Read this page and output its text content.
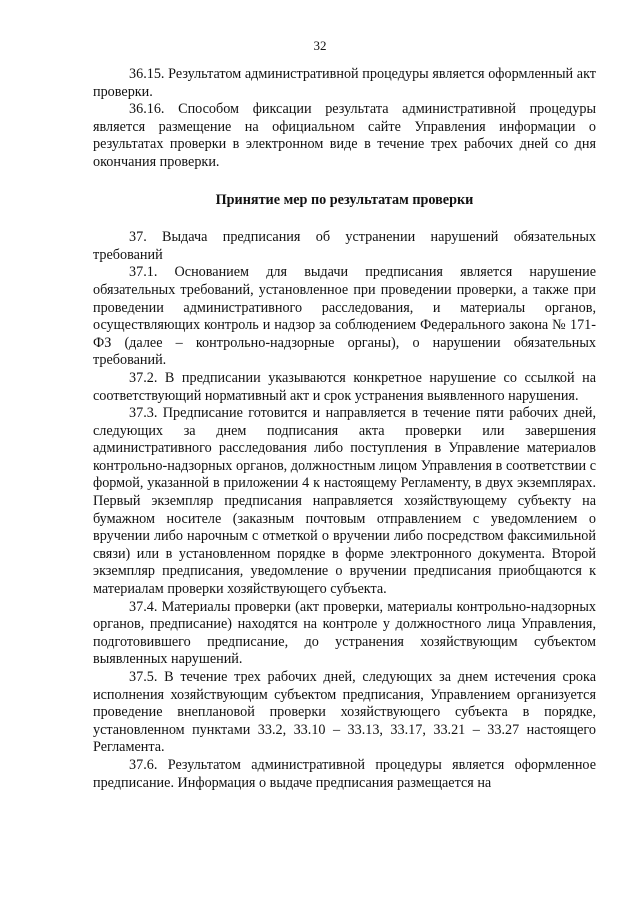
32

36.15. Результатом административной процедуры является оформленный акт проверки.

36.16. Способом фиксации результата административной процедуры является размещение на официальном сайте Управления информации о результатах проверки в электронном виде в течение трех рабочих дней со дня окончания проверки.

Принятие мер по результатам проверки

37. Выдача предписания об устранении нарушений обязательных требований

37.1. Основанием для выдачи предписания является нарушение обязательных требований, установленное при проведении проверки, а также при проведении административного расследования, и материалы органов, осуществляющих контроль и надзор за соблюдением Федерального закона № 171-ФЗ (далее – контрольно-надзорные органы), о нарушении обязательных требований.

37.2. В предписании указываются конкретное нарушение со ссылкой на соответствующий нормативный акт и срок устранения выявленного нарушения.

37.3. Предписание готовится и направляется в течение пяти рабочих дней, следующих за днем подписания акта проверки или завершения административного расследования либо поступления в Управление материалов контрольно-надзорных органов, должностным лицом Управления в соответствии с формой, указанной в приложении 4 к настоящему Регламенту, в двух экземплярах. Первый экземпляр предписания направляется хозяйствующему субъекту на бумажном носителе (заказным почтовым отправлением с уведомлением о вручении либо нарочным с отметкой о вручении либо посредством факсимильной связи) или в установленном порядке в форме электронного документа. Второй экземпляр предписания, уведомление о вручении предписания приобщаются к материалам проверки хозяйствующего субъекта.

37.4. Материалы проверки (акт проверки, материалы контрольно-надзорных органов, предписание) находятся на контроле у должностного лица Управления, подготовившего предписание, до устранения хозяйствующим субъектом выявленных нарушений.

37.5. В течение трех рабочих дней, следующих за днем истечения срока исполнения хозяйствующим субъектом предписания, Управлением организуется проведение внеплановой проверки хозяйствующего субъекта в порядке, установленном пунктами 33.2, 33.10 – 33.13, 33.17, 33.21 – 33.27 настоящего Регламента.

37.6. Результатом административной процедуры является оформленное предписание. Информация о выдаче предписания размещается на
